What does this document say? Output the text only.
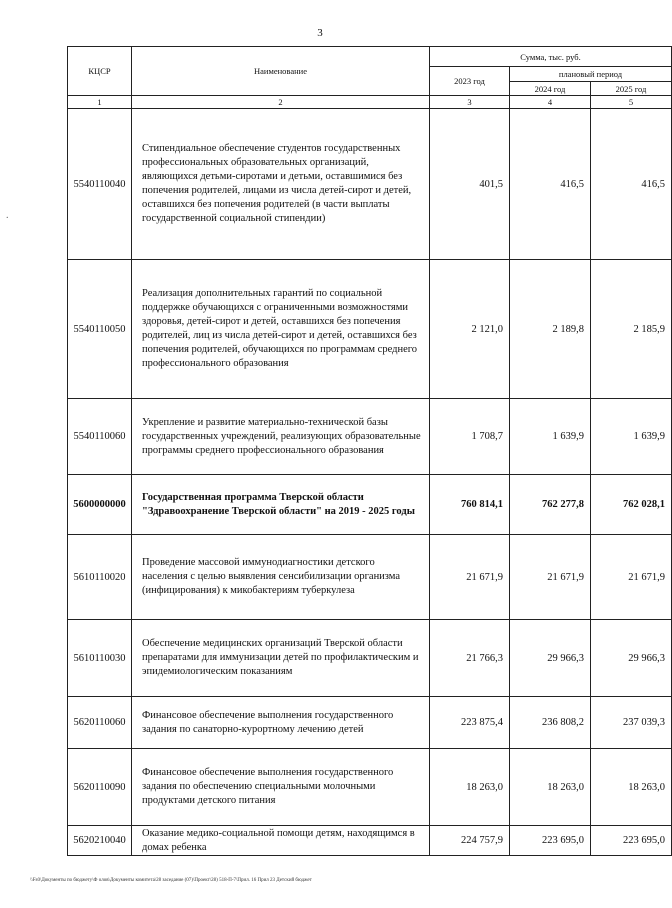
3
.
КЦСР	Наименование	Сумма, тыс. руб.		
		2023 год	плановый период	
			2024 год	2025 год
1	2	3	4	5
5540110040	Стипендиальное обеспечение студентов государственных профессиональных образовательных организаций, являющихся детьми-сиротами и детьми, оставшимися без попечения родителей, лицами из числа детей-сирот и детей, оставшихся без попечения родителей (в части выплаты государственной социальной стипендии)	401,5	416,5	416,5
5540110050	Реализация дополнительных гарантий по социальной поддержке обучающихся с ограниченными возможностями здоровья, детей-сирот и детей, оставшихся без попечения родителей, лиц из числа детей-сирот и детей, оставшихся без попечения родителей, обучающихся по программам среднего профессионального образования	2 121,0	2 189,8	2 185,9
5540110060	Укрепление и развитие материально-технической базы государственных учреждений, реализующих образовательные программы среднего профессионального образования	1 708,7	1 639,9	1 639,9
5600000000	Государственная программа Тверской области "Здравоохранение Тверской области" на 2019 - 2025 годы	760 814,1	762 277,8	762 028,1
5610110020	Проведение массовой иммунодиагностики детского населения с целью выявления сенсибилизации организма (инфицирования) к микобактериям туберкулеза	21 671,9	21 671,9	21 671,9
5610110030	Обеспечение медицинских организаций Тверской области препаратами для иммунизации детей по профилактическим и эпидемиологическим показаниям	21 766,3	29 966,3	29 966,3
5620110060	Финансовое обеспечение выполнения государственного задания по санаторно-курортному лечению детей	223 875,4	236 808,2	237 039,3
5620110090	Финансовое обеспечение выполнения государственного задания по обеспечению специальными молочными продуктами детского питания	18 263,0	18 263,0	18 263,0
5620210040	Оказание медико-социальной помощи детям, находящимся в домах ребенка	224 757,9	223 695,0	223 695,0
\\Fs0\Документы по бюджету\Ф олов\Документы комитета\28 заседание (07)\Проект\28) 518-П-7\Прил. 16 Прил 23 Детский бюджет
